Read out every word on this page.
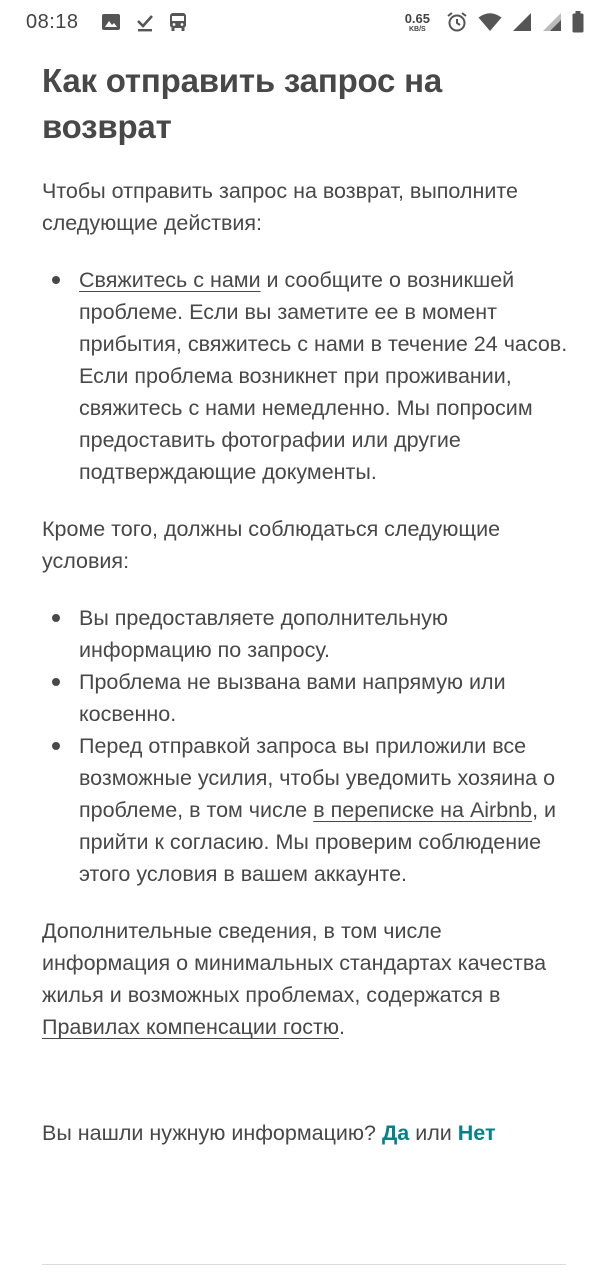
08:18	0.65
KB/S
Как отправить запрос на возврат

Чтобы отправить запрос на возврат, выполните следующие действия:

Свяжитесь с нами и сообщите о возникшей проблеме. Если вы заметите ее в момент прибытия, свяжитесь с нами в течение 24 часов. Если проблема возникнет при проживании, свяжитесь с нами немедленно. Мы попросим предоставить фотографии или другие подтверждающие документы.

Кроме того, должны соблюдаться следующие условия:

Вы предоставляете дополнительную информацию по запросу.
Проблема не вызвана вами напрямую или косвенно.
Перед отправкой запроса вы приложили все возможные усилия, чтобы уведомить хозяина о проблеме, в том числе в переписке на Airbnb, и прийти к согласию. Мы проверим соблюдение этого условия в вашем аккаунте.

Дополнительные сведения, в том числе информация о минимальных стандартах качества жилья и возможных проблемах, содержатся в Правилах компенсации гостю.

Вы нашли нужную информацию? Да или Нет
